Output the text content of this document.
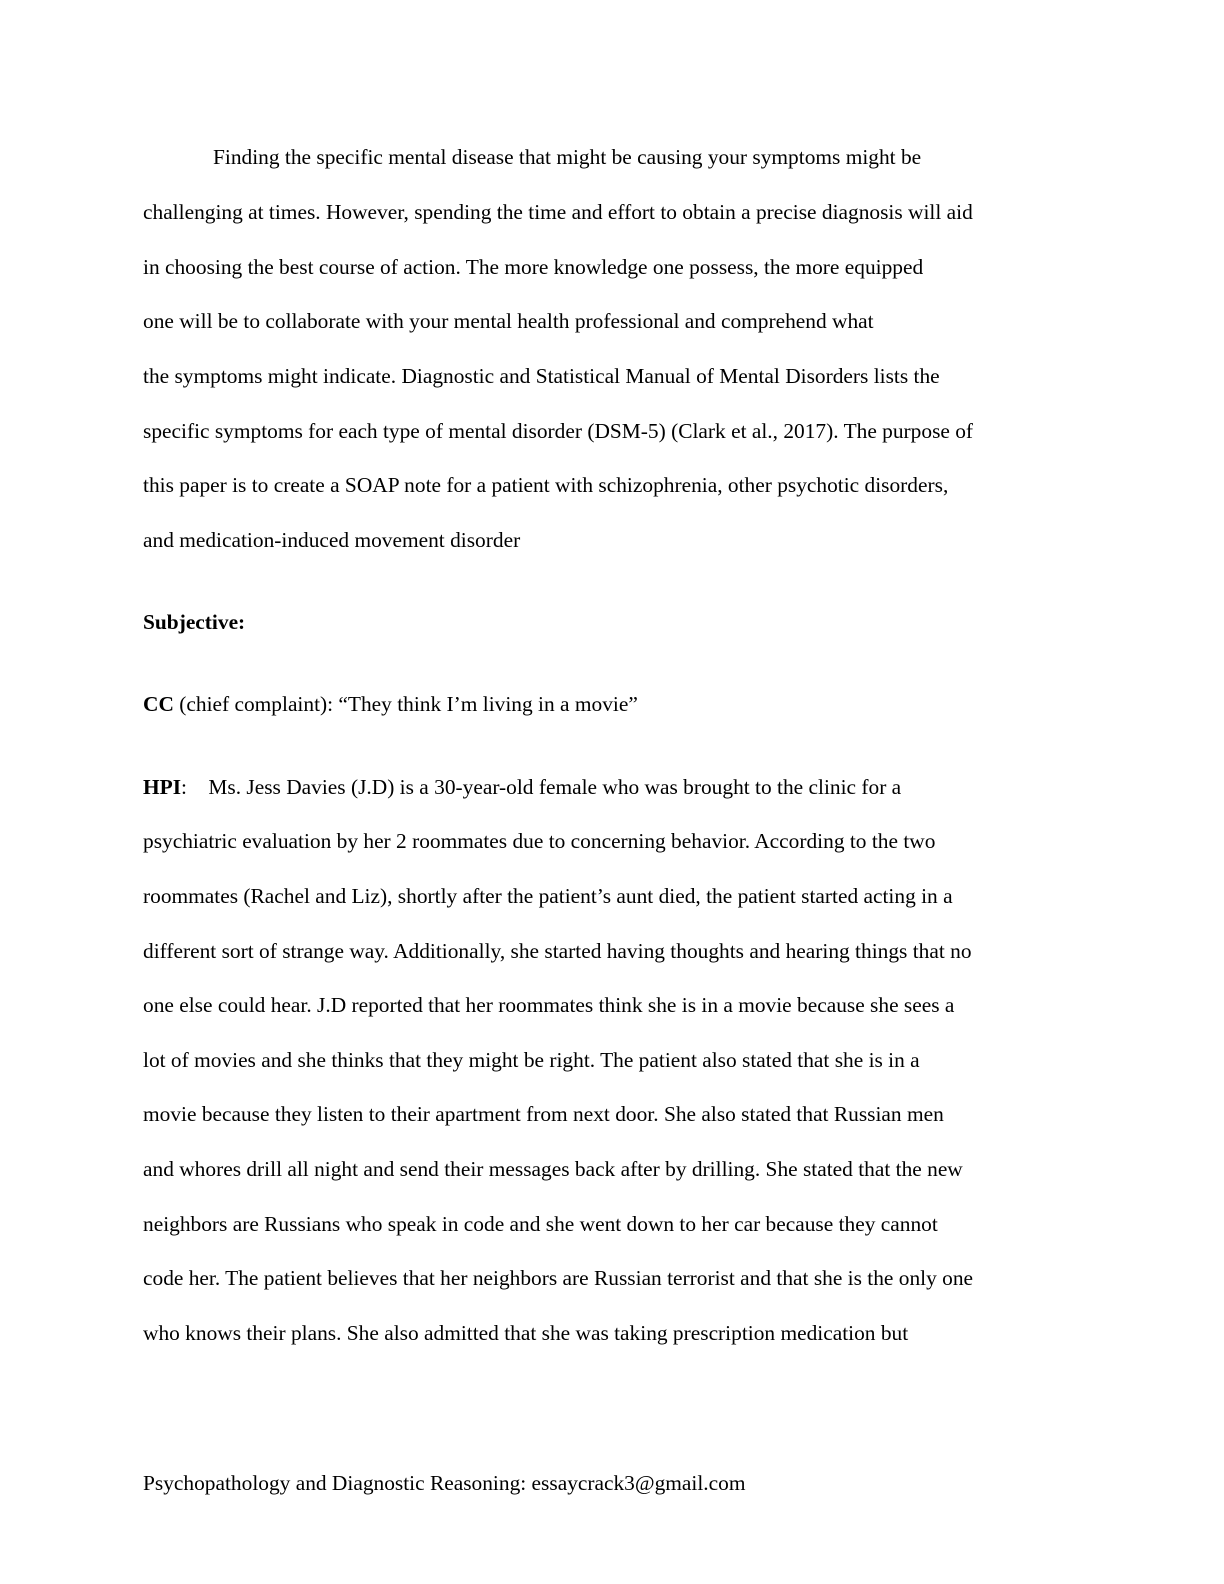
Finding the specific mental disease that might be causing your symptoms might be
challenging at times. However, spending the time and effort to obtain a precise diagnosis will aid
in choosing the best course of action. The more knowledge one possess, the more equipped
one will be to collaborate with your mental health professional and comprehend what
the symptoms might indicate. Diagnostic and Statistical Manual of Mental Disorders lists the
specific symptoms for each type of mental disorder (DSM-5) (Clark et al., 2017). The purpose of
this paper is to create a SOAP note for a patient with schizophrenia, other psychotic disorders,
and medication-induced movement disorder
Subjective:
CC (chief complaint): “They think I’m living in a movie”
HPI:    Ms. Jess Davies (J.D) is a 30-year-old female who was brought to the clinic for a
psychiatric evaluation by her 2 roommates due to concerning behavior. According to the two
roommates (Rachel and Liz), shortly after the patient’s aunt died, the patient started acting in a
different sort of strange way. Additionally, she started having thoughts and hearing things that no
one else could hear. J.D reported that her roommates think she is in a movie because she sees a
lot of movies and she thinks that they might be right. The patient also stated that she is in a
movie because they listen to their apartment from next door. She also stated that Russian men
and whores drill all night and send their messages back after by drilling. She stated that the new
neighbors are Russians who speak in code and she went down to her car because they cannot
code her. The patient believes that her neighbors are Russian terrorist and that she is the only one
who knows their plans. She also admitted that she was taking prescription medication but
Psychopathology and Diagnostic Reasoning: essaycrack3@gmail.com
